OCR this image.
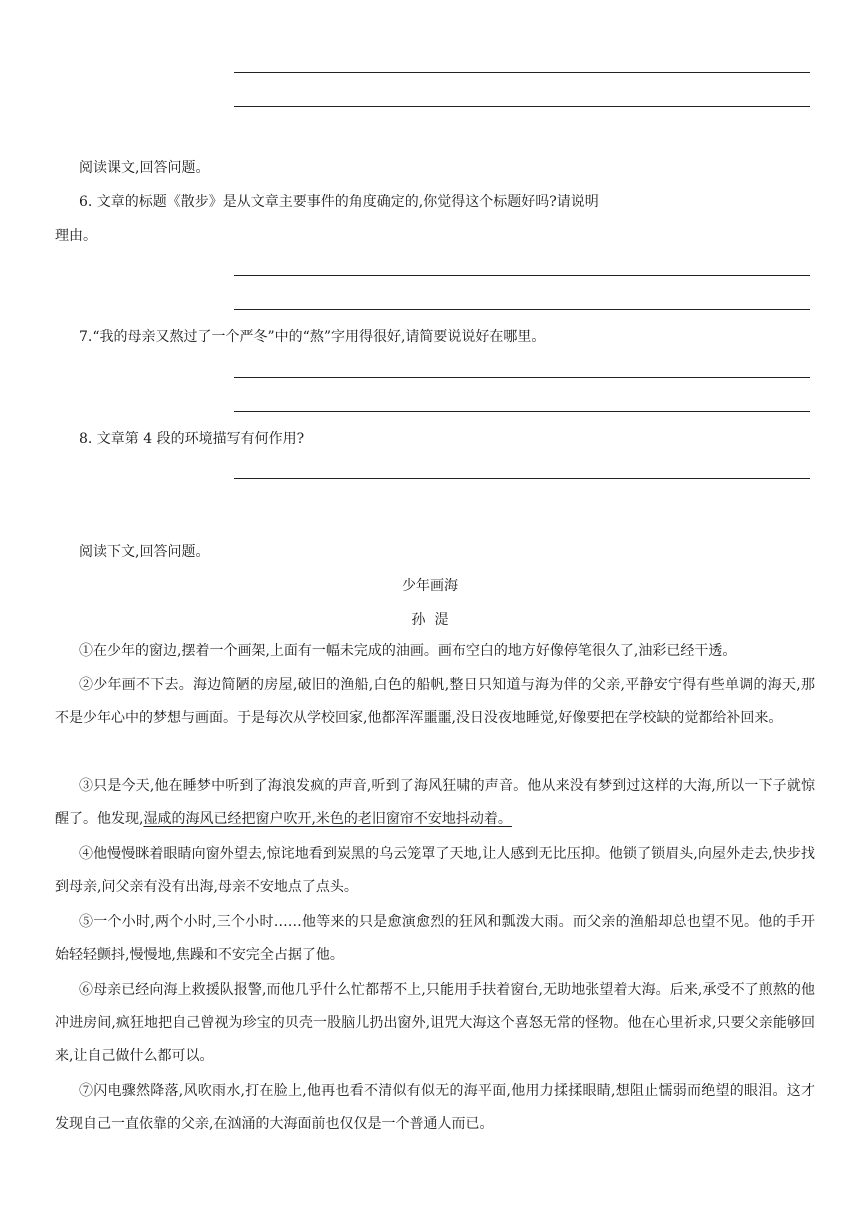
阅读课文,回答问题。
6. 文章的标题《散步》是从文章主要事件的角度确定的,你觉得这个标题好吗?请说明
理由。
7.“我的母亲又熬过了一个严冬”中的“熬”字用得很好,请简要说说好在哪里。
8. 文章第 4 段的环境描写有何作用?
阅读下文,回答问题。
少年画海
孙  湜
①在少年的窗边,摆着一个画架,上面有一幅未完成的油画。画布空白的地方好像停笔很久了,油彩已经干透。
②少年画不下去。海边简陋的房屋,破旧的渔船,白色的船帆,整日只知道与海为伴的父亲,平静安宁得有些单调的海天,那不是少年心中的梦想与画面。于是每次从学校回家,他都浑浑噩噩,没日没夜地睡觉,好像要把在学校缺的觉都给补回来。
③只是今天,他在睡梦中听到了海浪发疯的声音,听到了海风狂啸的声音。他从来没有梦到过这样的大海,所以一下子就惊醒了。他发现,湿咸的海风已经把窗户吹开,米色的老旧窗帘不安地抖动着。
④他慢慢眯着眼睛向窗外望去,惊诧地看到炭黑的乌云笼罩了天地,让人感到无比压抑。他锁了锁眉头,向屋外走去,快步找到母亲,问父亲有没有出海,母亲不安地点了点头。
⑤一个小时,两个小时,三个小时……他等来的只是愈演愈烈的狂风和瓢泼大雨。而父亲的渔船却总也望不见。他的手开始轻轻颤抖,慢慢地,焦躁和不安完全占据了他。
⑥母亲已经向海上救援队报警,而他几乎什么忙都帮不上,只能用手扶着窗台,无助地张望着大海。后来,承受不了煎熬的他冲进房间,疯狂地把自己曾视为珍宝的贝壳一股脑儿扔出窗外,诅咒大海这个喜怒无常的怪物。他在心里祈求,只要父亲能够回来,让自己做什么都可以。
⑦闪电骤然降落,风吹雨水,打在脸上,他再也看不清似有似无的海平面,他用力揉揉眼睛,想阻止懦弱而绝望的眼泪。这才发现自己一直依靠的父亲,在汹涌的大海面前也仅仅是一个普通人而已。
